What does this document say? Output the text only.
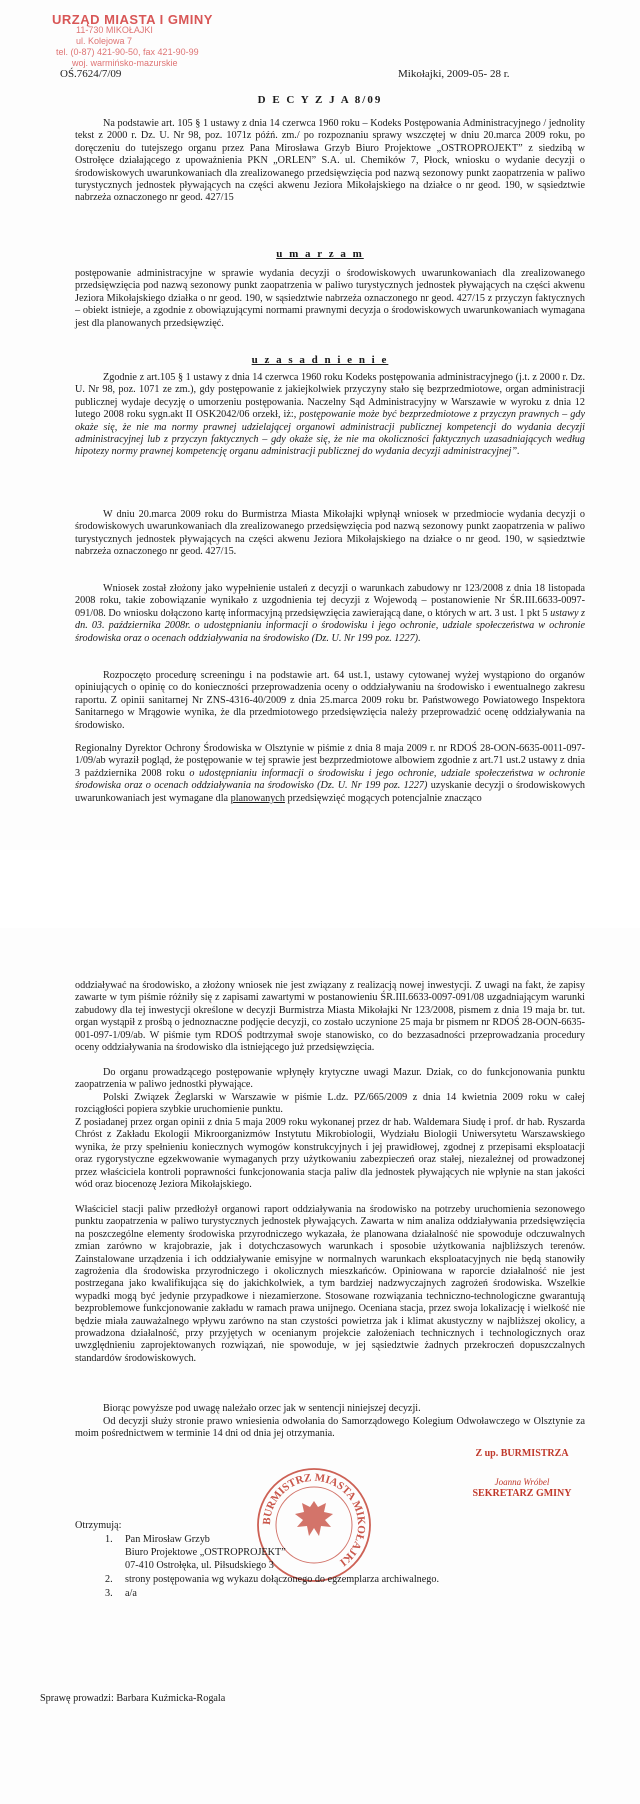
URZĄD MIASTA I GMINY
11-730 MIKOŁAJKI
ul. Kolejowa 7
tel. (0-87) 421-90-50, fax 421-90-99
woj. warmińsko-mazurskie
OŚ.7624/7/09	Mikołajki, 2009-05- 28 r.
D E C Y Z J A 8/09

Na podstawie art. 105 § 1 ustawy z dnia 14 czerwca 1960 roku – Kodeks Postępowania Administracyjnego / jednolity tekst z 2000 r. Dz. U. Nr 98, poz. 1071z późń. zm./ po rozpoznaniu sprawy wszczętej w dniu 20.marca 2009 roku, po doręczeniu do tutejszego organu przez Pana Mirosława Grzyb Biuro Projektowe „OSTROPROJEKT” z siedzibą w Ostrołęce działającego z upoważnienia PKN „ORLEN” S.A. ul. Chemików 7, Płock, wniosku o wydanie decyzji o środowiskowych uwarunkowaniach dla zrealizowanego przedsięwzięcia pod nazwą sezonowy punkt zaopatrzenia w paliwo turystycznych jednostek pływających na części akwenu Jeziora Mikołajskiego na działce o nr geod. 190, w sąsiedztwie nabrzeża oznaczonego nr geod. 427/15

u m a r z a m

postępowanie administracyjne w sprawie wydania decyzji o środowiskowych uwarunkowaniach dla zrealizowanego przedsięwzięcia pod nazwą sezonowy punkt zaopatrzenia w paliwo turystycznych jednostek pływających na części akwenu Jeziora Mikołajskiego działka o nr geod. 190, w sąsiedztwie nabrzeża oznaczonego nr geod. 427/15 z przyczyn faktycznych – obiekt istnieje, a zgodnie z obowiązującymi normami prawnymi decyzja o środowiskowych uwarunkowaniach wymagana jest dla planowanych przedsięwzięć.

u z a s a d n i e n i e

Zgodnie z art.105 § 1 ustawy z dnia 14 czerwca 1960 roku Kodeks postępowania administracyjnego (j.t. z 2000 r. Dz. U. Nr 98, poz. 1071 ze zm.), gdy postępowanie z jakiejkolwiek przyczyny stało się bezprzedmiotowe, organ administracji publicznej wydaje decyzję o umorzeniu postępowania. Naczelny Sąd Administracyjny w Warszawie w wyroku z dnia 12 lutego 2008 roku sygn.akt II OSK2042/06 orzekł, iż:, postępowanie może być bezprzedmiotowe z przyczyn prawnych – gdy okaże się, że nie ma normy prawnej udzielającej organowi administracji publicznej kompetencji do wydania decyzji administracyjnej lub z przyczyn faktycznych – gdy okaże się, że nie ma okoliczności faktycznych uzasadniających według hipotezy normy prawnej kompetencję organu administracji publicznej do wydania decyzji administracyjnej”.

W dniu 20.marca 2009 roku do Burmistrza Miasta Mikołajki wpłynął wniosek w przedmiocie wydania decyzji o środowiskowych uwarunkowaniach dla zrealizowanego przedsięwzięcia pod nazwą sezonowy punkt zaopatrzenia w paliwo turystycznych jednostek pływających na części akwenu Jeziora Mikołajskiego na działce o nr geod. 190, w sąsiedztwie nabrzeża oznaczonego nr geod. 427/15.

Wniosek został złożony jako wypełnienie ustaleń z decyzji o warunkach zabudowy nr 123/2008 z dnia 18 listopada 2008 roku, takie zobowiązanie wynikało z uzgodnienia tej decyzji z Wojewodą – postanowienie Nr ŚR.III.6633-0097-091/08. Do wniosku dołączono kartę informacyjną przedsięwzięcia zawierającą dane, o których w art. 3 ust. 1 pkt 5 ustawy z dn. 03. października 2008r. o udostępnianiu informacji o środowisku i jego ochronie, udziale społeczeństwa w ochronie środowiska oraz o ocenach oddziaływania na środowisko (Dz. U. Nr 199 poz. 1227).

Rozpoczęto procedurę screeningu i na podstawie art. 64 ust.1, ustawy cytowanej wyżej wystąpiono do organów opiniujących o opinię co do konieczności przeprowadzenia oceny o oddziaływaniu na środowisko i ewentualnego zakresu raportu. Z opinii sanitarnej Nr ZNS-4316-40/2009 z dnia 25.marca 2009 roku br. Państwowego Powiatowego Inspektora Sanitarnego w Mrągowie wynika, że dla przedmiotowego przedsięwzięcia należy przeprowadzić ocenę oddziaływania na środowisko.

Regionalny Dyrektor Ochrony Środowiska w Olsztynie w piśmie z dnia 8 maja 2009 r. nr RDOŚ 28-OON-6635-0011-097-1/09/ab wyraził pogląd, że postępowanie w tej sprawie jest bezprzedmiotowe albowiem zgodnie z art.71 ust.2 ustawy z dnia 3 października 2008 roku o udostępnianiu informacji o środowisku i jego ochronie, udziale społeczeństwa w ochronie środowiska oraz o ocenach oddziaływania na środowisko (Dz. U. Nr 199 poz. 1227) uzyskanie decyzji o środowiskowych uwarunkowaniach jest wymagane dla planowanych przedsięwzięć mogących potencjalnie znacząco

oddziaływać na środowisko, a złożony wniosek nie jest związany z realizacją nowej inwestycji. Z uwagi na fakt, że zapisy zawarte w tym piśmie różniły się z zapisami zawartymi w postanowieniu ŚR.III.6633-0097-091/08 uzgadniającym warunki zabudowy dla tej inwestycji określone w decyzji Burmistrza Miasta Mikołajki Nr 123/2008, pismem z dnia 19 maja br. tut. organ wystąpił z prośbą o jednoznaczne podjęcie decyzji, co zostało uczynione 25 maja br pismem nr RDOŚ 28-OON-6635-001-097-1/09/ab. W piśmie tym RDOŚ podtrzymał swoje stanowisko, co do bezzasadności przeprowadzania procedury oceny oddziaływania na środowisko dla istniejącego już przedsięwzięcia.

Do organu prowadzącego postępowanie wpłynęły krytyczne uwagi Mazur. Dziak, co do funkcjonowania punktu zaopatrzenia w paliwo jednostki pływające.

Polski Związek Żeglarski w Warszawie w piśmie L.dz. PZ/665/2009 z dnia 14 kwietnia 2009 roku w całej rozciągłości popiera szybkie uruchomienie punktu.

Z posiadanej przez organ opinii z dnia 5 maja 2009 roku wykonanej przez dr hab. Waldemara Siudę i prof. dr hab. Ryszarda Chróst z Zakładu Ekologii Mikroorganizmów Instytutu Mikrobiologii, Wydziału Biologii Uniwersytetu Warszawskiego wynika, że przy spełnieniu koniecznych wymogów konstrukcyjnych i jej prawidłowej, zgodnej z przepisami eksploatacji oraz rygorystyczne egzekwowanie wymaganych przy użytkowaniu zabezpieczeń oraz stałej, niezależnej od prowadzonej przez właściciela kontroli poprawności funkcjonowania stacja paliw dla jednostek pływających nie wpłynie na stan jakości wód oraz biocenozę Jeziora Mikołajskiego.

Właściciel stacji paliw przedłożył organowi raport oddziaływania na środowisko na potrzeby uruchomienia sezonowego punktu zaopatrzenia w paliwo turystycznych jednostek pływających. Zawarta w nim analiza oddziaływania przedsięwzięcia na poszczególne elementy środowiska przyrodniczego wykazała, że planowana działalność nie spowoduje odczuwalnych zmian zarówno w krajobrazie, jak i dotychczasowych warunkach i sposobie użytkowania najbliższych terenów. Zainstalowane urządzenia i ich oddziaływanie emisyjne w normalnych warunkach eksploatacyjnych nie będą stanowiły zagrożenia dla środowiska przyrodniczego i okolicznych mieszkańców. Opiniowana w raporcie działalność nie jest postrzegana jako kwalifikująca się do jakichkolwiek, a tym bardziej nadzwyczajnych zagrożeń środowiska. Wszelkie wypadki mogą być jedynie przypadkowe i niezamierzone. Stosowane rozwiązania techniczno-technologiczne gwarantują bezproblemowe funkcjonowanie zakładu w ramach prawa unijnego. Oceniana stacja, przez swoja lokalizację i wielkość nie będzie miała zauważalnego wpływu zarówno na stan czystości powietrza jak i klimat akustyczny w najbliższej okolicy, a prowadzona działalność, przy przyjętych w ocenianym projekcie założeniach technicznych i technologicznych oraz uwzględnieniu zaprojektowanych rozwiązań, nie spowoduje, w jej sąsiedztwie żadnych przekroczeń dopuszczalnych standardów środowiskowych.

Biorąc powyższe pod uwagę należało orzec jak w sentencji niniejszej decyzji.

Od decyzji służy stronie prawo wniesienia odwołania do Samorządowego Kolegium Odwoławczego w Olsztynie za moim pośrednictwem w terminie 14 dni od dnia jej otrzymania.

BURMISTRZ MIASTA MIKOŁAJKI
Z up. BURMISTRZA
Joanna Wróbel
SEKRETARZ GMINY
Otrzymują:
1. Pan Mirosław Grzyb
Biuro Projektowe „OSTROPROJEKT”
07-410 Ostrołęka, ul. Piłsudskiego 3
2. strony postępowania wg wykazu dołączonego do egzemplarza archiwalnego.
3. a/a
Sprawę prowadzi: Barbara Kuźmicka-Rogala
